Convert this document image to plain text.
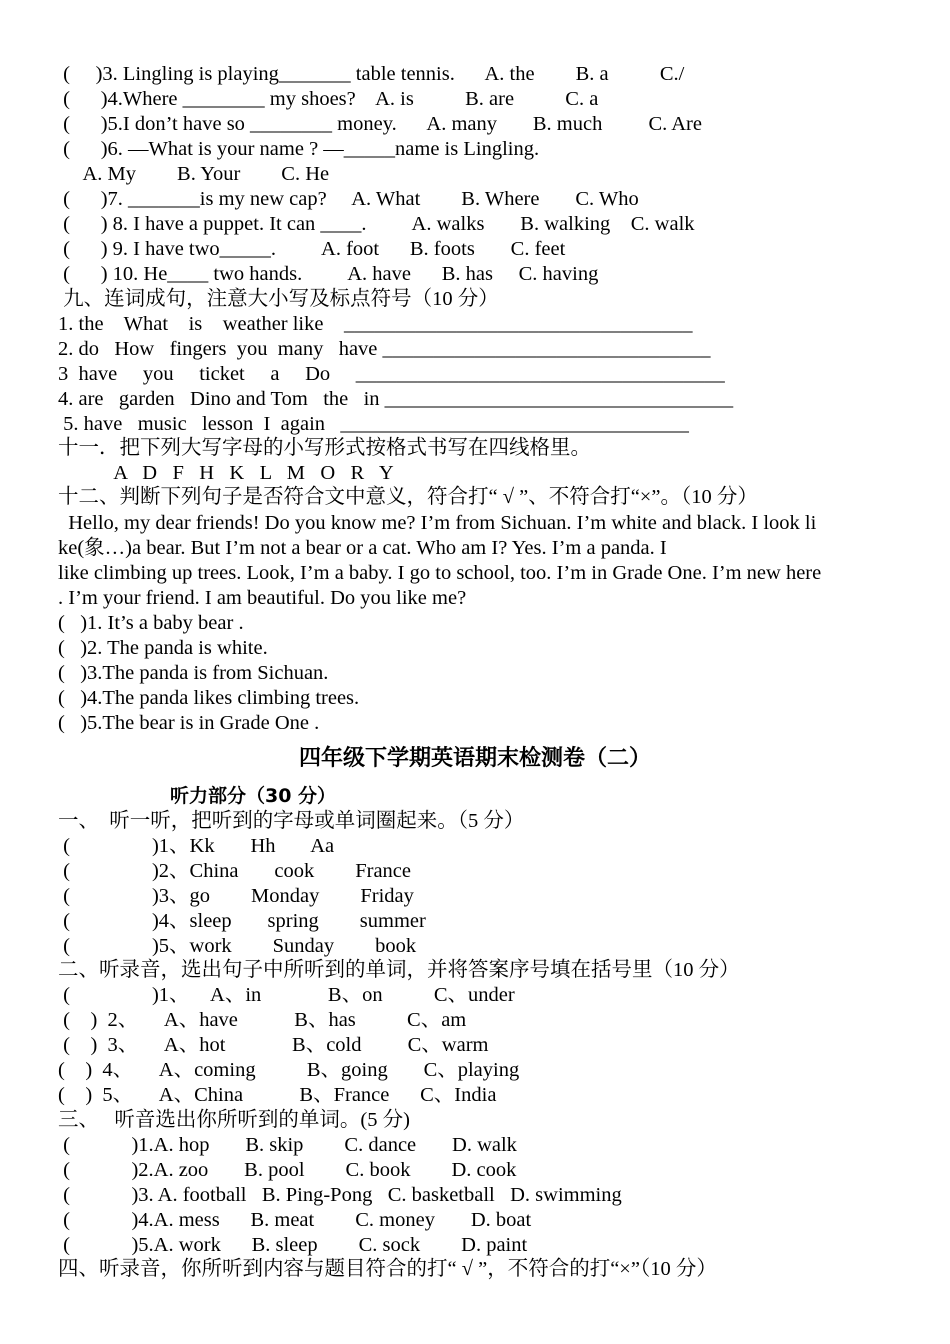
(     )3. Lingling is playing_______ table tennis.      A. the        B. a          C./
(      )4.Where ________ my shoes?    A. is          B. are          C. a
(      )5.I don’t have so ________ money.      A. many       B. much         C. Are
(      )6. —What is your name ? —_____name is Lingling.
A. My        B. Your        C. He
(      )7. _______is my new cap?     A. What        B. Where       C. Who
(      ) 8. I have a puppet. It can ____.         A. walks       B. walking    C. walk
(      ) 9. I have two_____.         A. foot      B. foots       C. feet
(      ) 10. He____ two hands.         A. have      B. has     C. having
九、连词成句，注意大小写及标点符号（10 分）
1. the    What    is    weather like    __________________________________
2. do   How   fingers  you  many   have ________________________________
3  have     you     ticket     a     Do     ____________________________________
4. are   garden   Dino and Tom   the   in __________________________________
5. have   music   lesson  I  again   __________________________________
十一．把下列大写字母的小写形式按格式书写在四线格里。
A   D   F   H   K   L   M   O   R   Y
十二、判断下列句子是否符合文中意义，符合打“ √ ”、不符合打“×”。（10 分）
Hello, my dear friends! Do you know me? I’m from Sichuan. I’m white and black. I look li
ke(象…)a bear. But I’m not a bear or a cat. Who am I? Yes. I’m a panda. I
like climbing up trees. Look, I’m a baby. I go to school, too. I’m in Grade One. I’m new here
. I’m your friend. I am beautiful. Do you like me?
(   )1. It’s a baby bear .
(   )2. The panda is white.
(   )3.The panda is from Sichuan.
(   )4.The panda likes climbing trees.
(   )5.The bear is in Grade One .
四年级下学期英语期末检测卷（二）
听力部分（30 分）
一、  听一听，把听到的字母或单词圈起来。（5 分）
(                )1、Kk       Hh       Aa
(                )2、China       cook        France
(                )3、go        Monday        Friday
(                )4、sleep       spring        summer
(                )5、work        Sunday        book
二、听录音，选出句子中所听到的单词，并将答案序号填在括号里（10 分）
(                )1、    A、in             B、on          C、under
(    )  2、     A、have           B、has          C、am
(    )  3、     A、hot             B、cold         C、warm
(    )  4、     A、coming          B、going       C、playing
(    )  5、     A、China           B、France      C、India
三、   听音选出你所听到的单词。(5 分)
(            )1.A. hop       B. skip        C. dance       D. walk
(            )2.A. zoo       B. pool        C. book        D. cook
(            )3. A. football   B. Ping-Pong   C. basketball   D. swimming
(            )4.A. mess      B. meat        C. money       D. boat
(            )5.A. work      B. sleep        C. sock        D. paint
四、听录音，你所听到内容与题目符合的打“ √ ”，不符合的打“×”（10 分）
